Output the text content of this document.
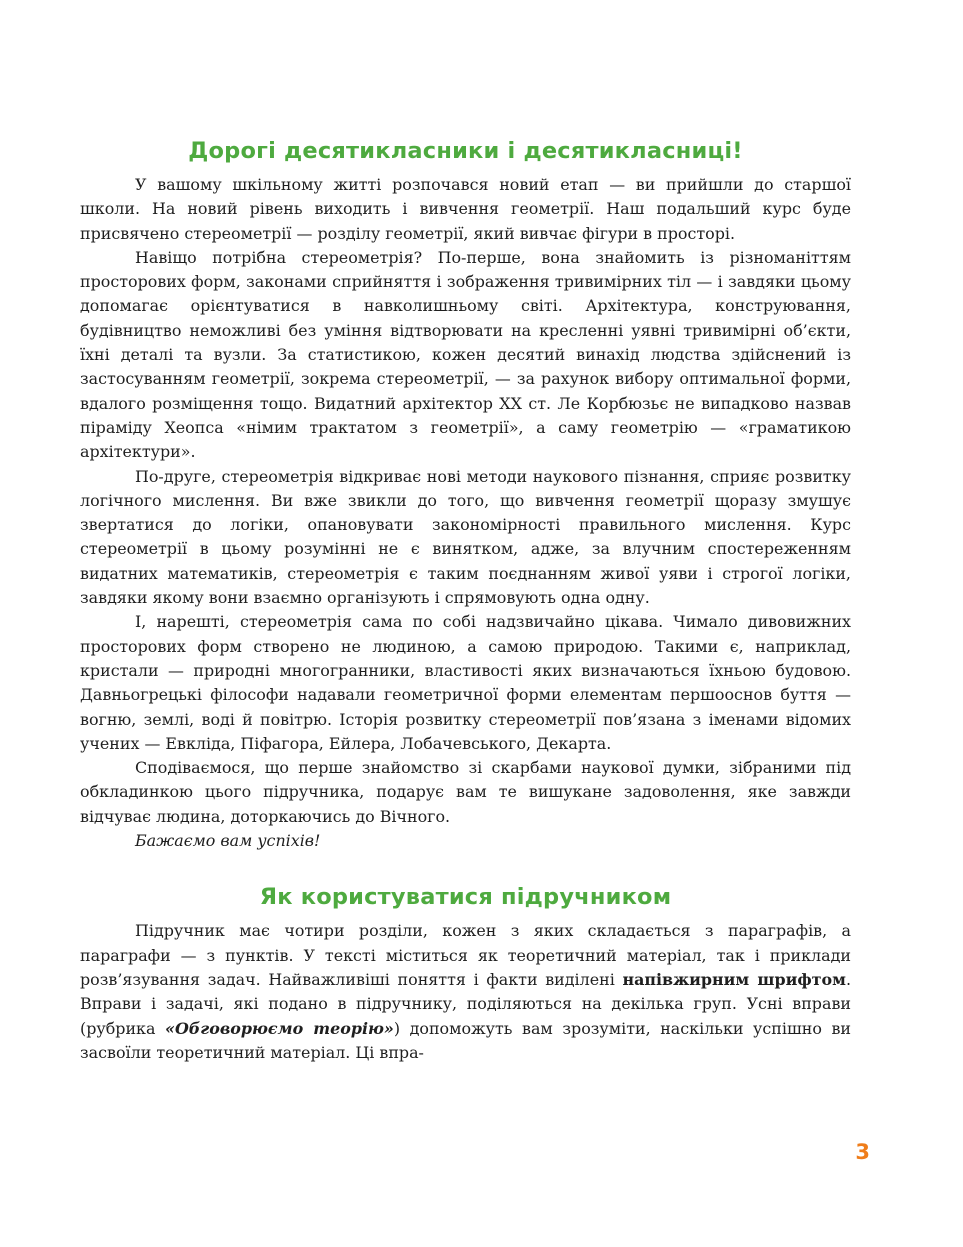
Дорогі десятикласники і десятикласниці!

У вашому шкільному житті розпочався новий етап — ви прийшли до старшої школи. На новий рівень виходить і вивчення геометрії. Наш подальший курс буде присвячено стереометрії — розділу геометрії, який вивчає фігури в просторі.

Навіщо потрібна стереометрія? По-перше, вона знайомить із різноманіттям просторових форм, законами сприйняття і зображення тривимірних тіл — і завдяки цьому допомагає орієнтуватися в навколишньому світі. Архітектура, конструювання, будівництво неможливі без уміння відтворювати на кресленні уявні тривимірні об’єкти, їхні деталі та вузли. За статистикою, кожен десятий винахід людства здійснений із застосуванням геометрії, зокрема стереометрії, — за рахунок вибору оптимальної форми, вдалого розміщення тощо. Видатний архітектор XX ст. Ле Корбюзьє не випадково назвав піраміду Хеопса «німим трактатом з геометрії», а саму геометрію — «граматикою архітектури».

По-друге, стереометрія відкриває нові методи наукового пізнання, сприяє розвитку логічного мислення. Ви вже звикли до того, що вивчення геометрії щоразу змушує звертатися до логіки, опановувати закономірності правильного мислення. Курс стереометрії в цьому розумінні не є винятком, адже, за влучним спостереженням видатних математиків, стереометрія є таким поєднанням живої уяви і строгої логіки, завдяки якому вони взаємно організують і спрямовують одна одну.

І, нарешті, стереометрія сама по собі надзвичайно цікава. Чимало дивовижних просторових форм створено не людиною, а самою природою. Такими є, наприклад, кристали — природні многогранники, властивості яких визначаються їхньою будовою. Давньогрецькі філософи надавали геометричної форми елементам першооснов буття — вогню, землі, воді й повітрю. Історія розвитку стереометрії пов’язана з іменами відомих учених — Евкліда, Піфагора, Ейлера, Лобачевського, Декарта.

Сподіваємося, що перше знайомство зі скарбами наукової думки, зібраними під обкладинкою цього підручника, подарує вам те вишукане задоволення, яке завжди відчуває людина, доторкаючись до Вічного.

Бажаємо вам успіхів!

Як користуватися підручником

Підручник має чотири розділи, кожен з яких складається з параграфів, а параграфи — з пунктів. У тексті міститься як теоретичний матеріал, так і приклади розв’язування задач. Найважливіші поняття і факти виділені напівжирним шрифтом. Вправи і задачі, які подано в підручнику, поділяються на декілька груп. Усні вправи (рубрика «Обговорюємо теорію») допоможуть вам зрозуміти, наскільки успішно ви засвоїли теоретичний матеріал. Ці впра-

3
